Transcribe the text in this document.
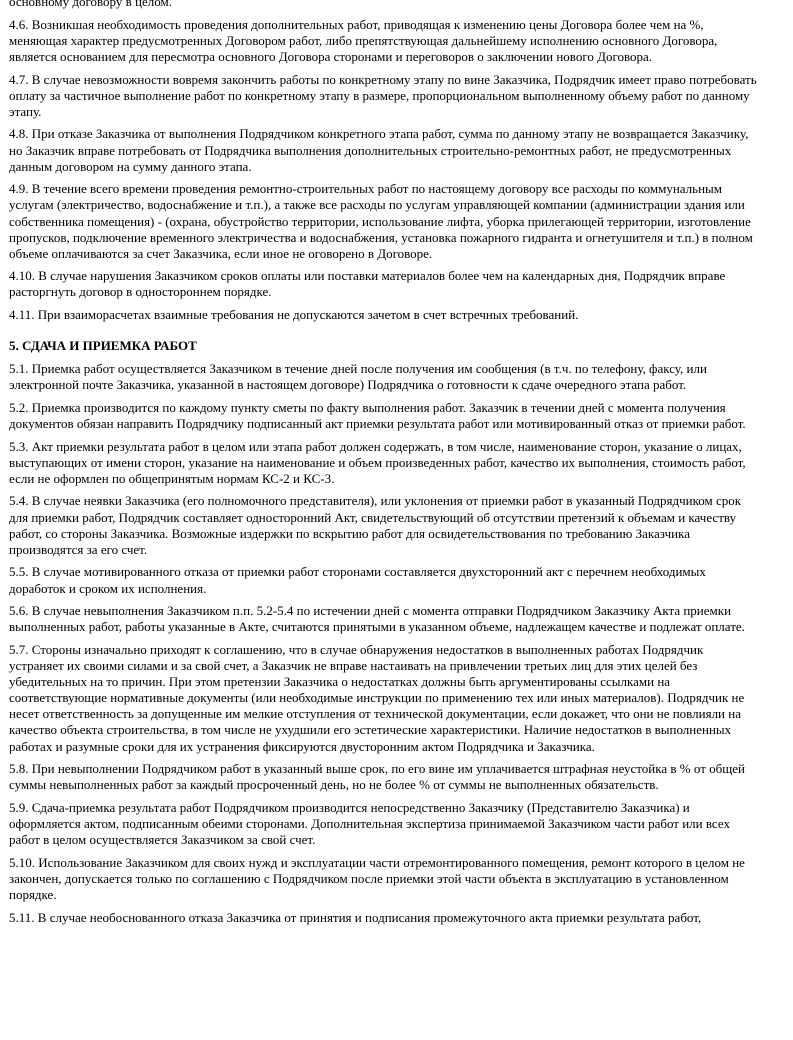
основному договору в целом.

4.6. Возникшая необходимость проведения дополнительных работ, приводящая к изменению цены Договора более чем на %, меняющая характер предусмотренных Договором работ, либо препятствующая дальнейшему исполнению основного Договора, является основанием для пересмотра основного Договора сторонами и переговоров о заключении нового Договора.

4.7. В случае невозможности вовремя закончить работы по конкретному этапу по вине Заказчика, Подрядчик имеет право потребовать оплату за частичное выполнение работ по конкретному этапу в размере, пропорциональном выполненному объему работ по данному этапу.

4.8. При отказе Заказчика от выполнения Подрядчиком конкретного этапа работ, сумма по данному этапу не возвращается Заказчику, но Заказчик вправе потребовать от Подрядчика выполнения дополнительных строительно-ремонтных работ, не предусмотренных данным договором на сумму данного этапа.

4.9. В течение всего времени проведения ремонтно-строительных работ по настоящему договору все расходы по коммунальным услугам (электричество, водоснабжение и т.п.), а также все расходы по услугам управляющей компании (администрации здания или собственника помещения) - (охрана, обустройство территории, использование лифта, уборка прилегающей территории, изготовление пропусков, подключение временного электричества и водоснабжения, установка пожарного гидранта и огнетушителя и т.п.) в полном объеме оплачиваются за счет Заказчика, если иное не оговорено в Договоре.

4.10. В случае нарушения Заказчиком сроков оплаты или поставки материалов более чем на календарных дня, Подрядчик вправе расторгнуть договор в одностороннем порядке.

4.11. При взаиморасчетах взаимные требования не допускаются зачетом в счет встречных требований.

5. СДАЧА И ПРИЕМКА РАБОТ

5.1. Приемка работ осуществляется Заказчиком в течение дней после получения им сообщения (в т.ч. по телефону, факсу, или электронной почте Заказчика, указанной в настоящем договоре) Подрядчика о готовности к сдаче очередного этапа работ.

5.2. Приемка производится по каждому пункту сметы по факту выполнения работ. Заказчик в течении дней с момента получения документов обязан направить Подрядчику подписанный акт приемки результата работ или мотивированный отказ от приемки работ.

5.3. Акт приемки результата работ в целом или этапа работ должен содержать, в том числе, наименование сторон, указание о лицах, выступающих от имени сторон, указание на наименование и объем произведенных работ, качество их выполнения, стоимость работ, если не оформлен по общепринятым нормам КС-2 и КС-3.

5.4. В случае неявки Заказчика (его полномочного представителя), или уклонения от приемки работ в указанный Подрядчиком срок для приемки работ, Подрядчик составляет односторонний Акт, свидетельствующий об отсутствии претензий к объемам и качеству работ, со стороны Заказчика. Возможные издержки по вскрытию работ для освидетельствования по требованию Заказчика производятся за его счет.

5.5. В случае мотивированного отказа от приемки работ сторонами составляется двухсторонний акт с перечнем необходимых доработок и сроком их исполнения.

5.6. В случае невыполнения Заказчиком п.п. 5.2-5.4 по истечении дней с момента отправки Подрядчиком Заказчику Акта приемки выполненных работ, работы указанные в Акте, считаются принятыми в указанном объеме, надлежащем качестве и подлежат оплате.

5.7. Стороны изначально приходят к соглашению, что в случае обнаружения недостатков в выполненных работах Подрядчик устраняет их своими силами и за свой счет, а Заказчик не вправе настаивать на привлечении третьих лиц для этих целей без убедительных на то причин. При этом претензии Заказчика о недостатках должны быть аргументированы ссылками на соответствующие нормативные документы (или необходимые инструкции по применению тех или иных материалов). Подрядчик не несет ответственность за допущенные им мелкие отступления от технической документации, если докажет, что они не повлияли на качество объекта строительства, в том числе не ухудшили его эстетические характеристики. Наличие недостатков в выполненных работах и разумные сроки для их устранения фиксируются двусторонним актом Подрядчика и Заказчика.

5.8. При невыполнении Подрядчиком работ в указанный выше срок, по его вине им уплачивается штрафная неустойка в % от общей суммы невыполненных работ за каждый просроченный день, но не более % от суммы не выполненных обязательств.

5.9. Сдача-приемка результата работ Подрядчиком производится непосредственно Заказчику (Представителю Заказчика) и оформляется актом, подписанным обеими сторонами. Дополнительная экспертиза принимаемой Заказчиком части работ или всех работ в целом осуществляется Заказчиком за свой счет.

5.10. Использование Заказчиком для своих нужд и эксплуатации части отремонтированного помещения, ремонт которого в целом не закончен, допускается только по соглашению с Подрядчиком после приемки этой части объекта в эксплуатацию в установленном порядке.

5.11. В случае необоснованного отказа Заказчика от принятия и подписания промежуточного акта приемки результата работ,
